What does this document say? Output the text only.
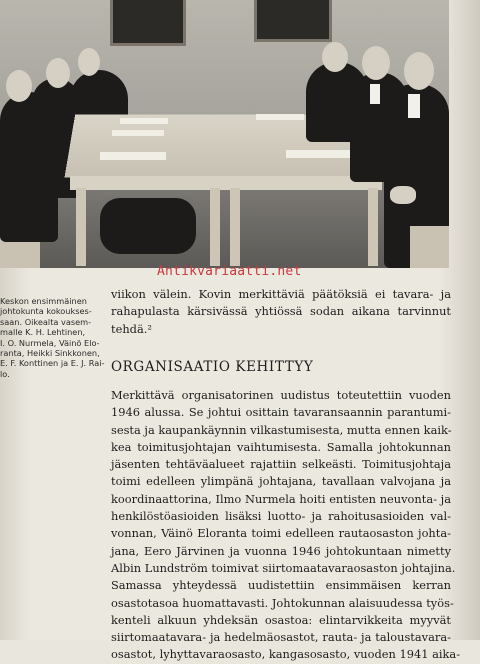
Antikvariaatti.net
Keskon ensimmäinen
johtokunta kokoukses-
saan. Oikealta vasem-
malle K. H. Lehtinen,
I. O. Nurmela, Väinö Elo-
ranta, Heikki Sinkkonen,
E. F. Konttinen ja E. J. Rai-
lo.
viikon välein. Kovin merkittäviä päätöksiä ei tavara- ja
rahapulasta kärsivässä yhtiössä sodan aikana tarvinnut
tehdä.²
ORGANISAATIO KEHITTYY
Merkittävä organisatorinen uudistus toteutettiin vuoden
1946 alussa. Se johtui osittain tavaransaannin parantumi-
sesta ja kaupankäynnin vilkastumisesta, mutta ennen kaik-
kea toimitusjohtajan vaihtumisesta. Samalla johtokunnan
jäsenten tehtäväalueet rajattiin selkeästi. Toimitusjohtaja
toimi edelleen ylimpänä johtajana, tavallaan valvojana ja
koordinaattorina, Ilmo Nurmela hoiti entisten neuvonta- ja
henkilöstöasioiden lisäksi luotto- ja rahoitusasioiden val-
vonnan, Väinö Eloranta toimi edelleen rautaosaston johta-
jana, Eero Järvinen ja vuonna 1946 johtokuntaan nimetty
Albin Lundström toimivat siirtomaatavaraosaston johtajina.
Samassa yhteydessä uudistettiin ensimmäisen kerran
osastotasoa huomattavasti. Johtokunnan alaisuudessa työs-
kenteli alkuun yhdeksän osastoa: elintarvikkeita myyvät
siirtomaatavara- ja hedelmäosastot, rauta- ja taloustavara-
osastot, lyhyttavaraosasto, kangasosasto, vuoden 1941 aika-
